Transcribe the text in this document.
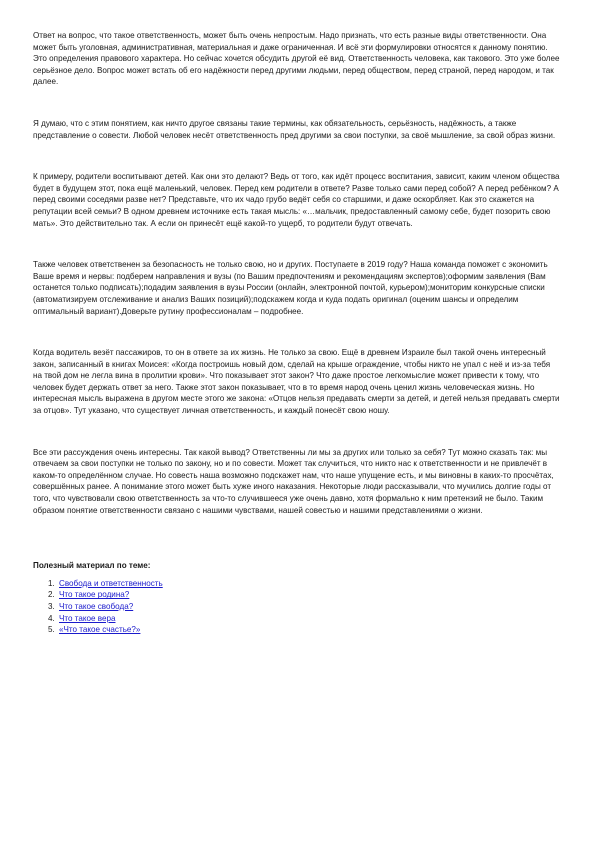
Ответ на вопрос, что такое ответственность, может быть очень непростым. Надо признать, что есть разные виды ответственности. Она может быть уголовная, административная, материальная и даже ограниченная. И всё эти формулировки относятся к данному понятию. Это определения правового характера. Но сейчас хочется обсудить другой её вид. Ответственность человека, как такового. Это уже более серьёзное дело. Вопрос может встать об его надёжности перед другими людьми, перед обществом, перед страной, перед народом, и так далее.

Я думаю, что с этим понятием, как ничто другое связаны такие термины, как обязательность, серьёзность, надёжность, а также представление о совести. Любой человек несёт ответственность пред другими за свои поступки, за своё мышление, за свой образ жизни.

К примеру, родители воспитывают детей. Как они это делают? Ведь от того, как идёт процесс воспитания, зависит, каким членом общества будет в будущем этот, пока ещё маленький, человек. Перед кем родители в ответе? Разве только сами перед собой? А перед ребёнком? А перед своими соседями разве нет? Представьте, что их чадо грубо ведёт себя со старшими, и даже оскорбляет. Как это скажется на репутации всей семьи? В одном древнем источнике есть такая мысль: «…мальчик, предоставленный самому себе, будет позорить свою мать». Это действительно так. А если он принесёт ещё какой-то ущерб, то родители будут отвечать.

Также человек ответственен за безопасность не только свою, но и других. Поступаете в 2019 году? Наша команда поможет с экономить Ваше время и нервы: подберем направления и вузы (по Вашим предпочтениям и рекомендациям экспертов);оформим заявления (Вам останется только подписать);подадим заявления в вузы России (онлайн, электронной почтой, курьером);мониторим конкурсные списки (автоматизируем отслеживание и анализ Ваших позиций);подскажем когда и куда подать оригинал (оценим шансы и определим оптимальный вариант).Доверьте рутину профессионалам – подробнее.

Когда водитель везёт пассажиров, то он в ответе за их жизнь. Не только за свою. Ещё в древнем Израиле был такой очень интересный закон, записанный в книгах Моисея: «Когда построишь новый дом, сделай на крыше ограждение, чтобы никто не упал с неё и из-за тебя на твой дом не легла вина в пролитии крови». Что показывает этот закон? Что даже простое легкомыслие может привести к тому, что человек будет держать ответ за него. Также этот закон показывает, что в то время народ очень ценил жизнь человеческая жизнь. Но интересная мысль выражена в другом месте этого же закона: «Отцов нельзя предавать смерти за детей, и детей нельзя предавать смерти за отцов». Тут указано, что существует личная ответственность, и каждый понесёт свою ношу.

Все эти рассуждения очень интересны. Так какой вывод? Ответственны ли мы за других или только за себя? Тут можно сказать так: мы отвечаем за свои поступки не только по закону, но и по совести. Может так случиться, что никто нас к ответственности и не привлечёт в каком-то определённом случае. Но совесть наша возможно подскажет нам, что наше упущение есть, и мы виновны в каких-то просчётах, совершённых ранее. А понимание этого может быть хуже иного наказания. Некоторые люди рассказывали, что мучились долгие годы от того, что чувствовали свою ответственность за что-то случившееся уже очень давно, хотя формально к ним претензий не было. Таким образом понятие ответственности связано с нашими чувствами, нашей совестью и нашими представлениями о жизни.

Полезный материал по теме:

1. Свобода и ответственность
2. Что такое родина?
3. Что такое свобода?
4. Что такое вера
5. «Что такое счастье?»
